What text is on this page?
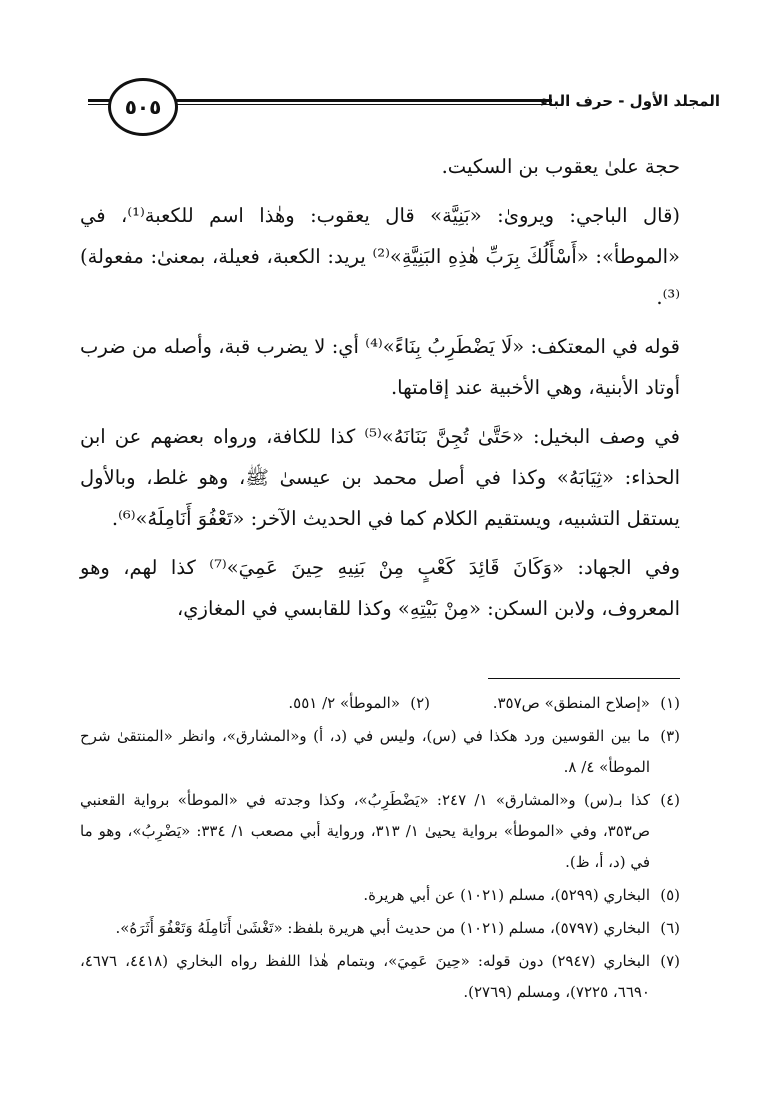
المجلد الأول - حرف الباء
٥٠٥

حجة علىٰ يعقوب بن السكيت.

(قال الباجي: ويروىٰ: «بَنِيَّة» قال يعقوب: وهٰذا اسم للكعبة⁽¹⁾، في «الموطأ»: «أَسْأَلُكَ بِرَبِّ هٰذِهِ البَنِيَّةِ»⁽²⁾ يريد: الكعبة، فعيلة، بمعنىٰ: مفعولة)⁽³⁾.

قوله في المعتكف: «لَا يَضْطَرِبُ بِنَاءً»⁽⁴⁾ أي: لا يضرب قبة، وأصله من ضرب أوتاد الأبنية، وهي الأخبية عند إقامتها.

في وصف البخيل: «حَتَّىٰ تُجِنَّ بَنَانَهُ»⁽⁵⁾ كذا للكافة، ورواه بعضهم عن ابن الحذاء: «ثِيَابَهُ» وكذا في أصل محمد بن عيسىٰ ﷺ، وهو غلط، وبالأول يستقل التشبيه، ويستقيم الكلام كما في الحديث الآخر: «تَعْفُوَ أَنَامِلَهُ»⁽⁶⁾.

وفي الجهاد: «وَكَانَ قَائِدَ كَعْبٍ مِنْ بَنِيهِ حِينَ عَمِيَ»⁽⁷⁾ كذا لهم، وهو المعروف، ولابن السكن: «مِنْ بَيْتِهِ» وكذا للقابسي في المغازي،

(١)
«إصلاح المنطق» ص٣٥٧.
(٢)
«الموطأ» ٢/ ٥٥١.
(٣)
ما بين القوسين ورد هكذا في (س)، وليس في (د، أ) و«المشارق»، وانظر «المنتقىٰ شرح الموطأ» ٤/ ٨.
(٤)
كذا بـ(س) و«المشارق» ١/ ٢٤٧: «يَضْطَرِبُ»، وكذا وجدته في «الموطأ» برواية القعنبي ص٣٥٣، وفي «الموطأ» برواية يحيىٰ ١/ ٣١٣، ورواية أبي مصعب ١/ ٣٣٤: «يَضْرِبُ»، وهو ما في (د، أ، ظ).
(٥)
البخاري (٥٢٩٩)، مسلم (١٠٢١) عن أبي هريرة.
(٦)
البخاري (٥٧٩٧)، مسلم (١٠٢١) من حديث أبي هريرة بلفظ: «تَغْشَىٰ أَنَامِلَهُ وَتَعْفُوَ أَثَرَهُ».
(٧)
البخاري (٢٩٤٧) دون قوله: «حِينَ عَمِيَ»، وبتمام هٰذا اللفظ رواه البخاري (٤٤١٨، ٤٦٧٦، ٦٦٩٠، ٧٢٢٥)، ومسلم (٢٧٦٩).
